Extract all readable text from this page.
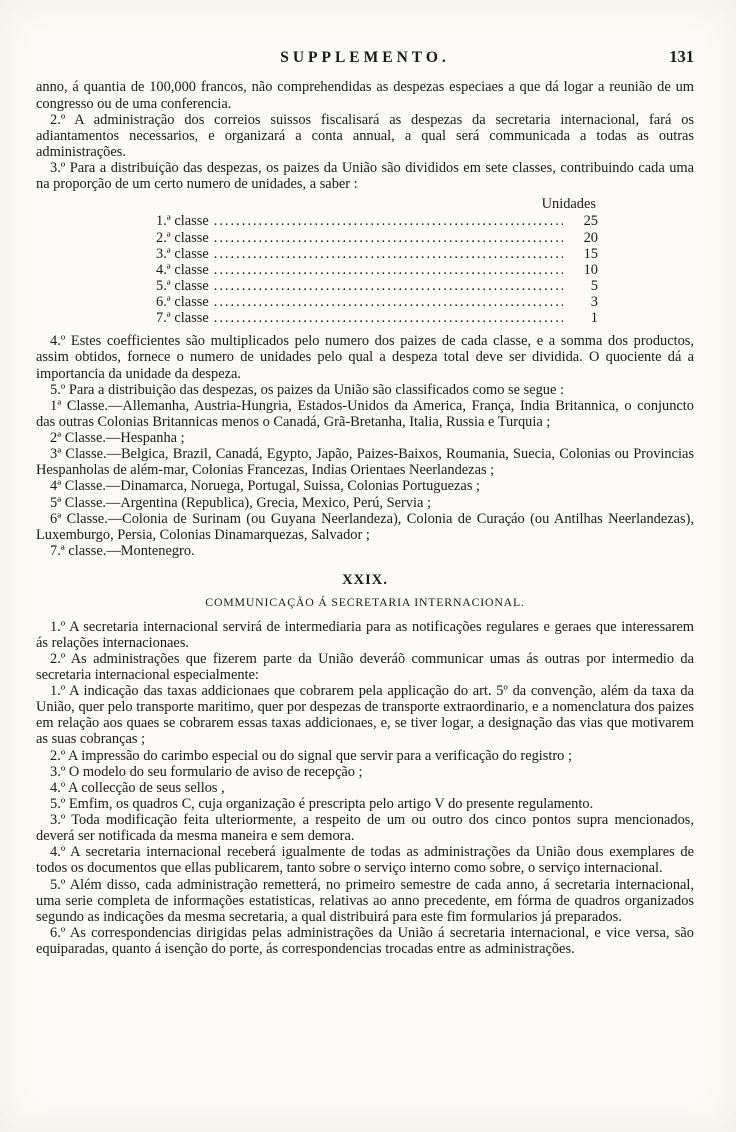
SUPPLEMENTO.	131

anno, á quantia de 100,000 francos, não comprehendidas as despezas especiaes a que dá logar a reunião de um congresso ou de uma conferencia.

2.º A administração dos correios suissos fiscalisará as despezas da secretaria internacional, fará os adiantamentos necessarios, e organizará a conta annual, a qual será communicada a todas as outras administrações.

3.º Para a distribuição das despezas, os paizes da União são divididos em sete classes, contribuindo cada uma na proporção de um certo numero de unidades, a saber :

Unidades
1.ª classe .....	25
2.ª classe .....	20
3.ª classe .....	15
4.ª classe .....	10
5.ª classe .....	5
6.ª classe .....	3
7.ª classe .....	1

4.º Estes coefficientes são multiplicados pelo numero dos paizes de cada classe, e a somma dos productos, assim obtidos, fornece o numero de unidades pelo qual a despeza total deve ser dividida. O quociente dá a importancia da unidade da despeza.

5.º Para a distribuição das despezas, os paizes da União são classificados como se segue :

1ª Classe.—Allemanha, Austria-Hungria, Estados-Unidos da America, França, India Britannica, o conjuncto das outras Colonias Britannicas menos o Canadá, Grã-Bretanha, Italia, Russia e Turquia ;

2ª Classe.—Hespanha ;

3ª Classe.—Belgica, Brazil, Canadá, Egypto, Japão, Paizes-Baixos, Roumania, Suecia, Colonias ou Provincias Hespanholas de além-mar, Colonias Francezas, Indias Orientaes Neerlandezas ;

4ª Classe.—Dinamarca, Noruega, Portugal, Suissa, Colonias Portuguezas ;

5ª Classe.—Argentina (Republica), Grecia, Mexico, Perú, Servia ;

6ª Classe.—Colonia de Surinam (ou Guyana Neerlandeza), Colonia de Curaçáo (ou Antilhas Neerlandezas), Luxemburgo, Persia, Colonias Dinamarquezas, Salvador ;

7.ª classe.—Montenegro.

XXIX.
COMMUNICAÇÃO Á SECRETARIA INTERNACIONAL.

1.º A secretaria internacional servirá de intermediaria para as notificações regulares e geraes que interessarem ás relações internacionaes.

2.º As administrações que fizerem parte da União deveráõ communicar umas ás outras por intermedio da secretaria internacional especialmente:

1.º A indicação das taxas addicionaes que cobrarem pela applicação do art. 5º da convenção, além da taxa da União, quer pelo transporte maritimo, quer por despezas de transporte extraordinario, e a nomenclatura dos paizes em relação aos quaes se cobrarem essas taxas addicionaes, e, se tiver logar, a designação das vias que motivarem as suas cobranças ;

2.º A impressão do carimbo especial ou do signal que servir para a verificação do registro ;

3.º O modelo do seu formulario de aviso de recepção ;

4.º A collecção de seus sellos ,

5.º Emfim, os quadros C, cuja organização é prescripta pelo artigo V do presente regulamento.

3.º Toda modificação feita ulteriormente, a respeito de um ou outro dos cinco pontos supra mencionados, deverá ser notificada da mesma maneira e sem demora.

4.º A secretaria internacional receberá igualmente de todas as administrações da União dous exemplares de todos os documentos que ellas publicarem, tanto sobre o serviço interno como sobre, o serviço internacional.

5.º Além disso, cada administração remetterá, no primeiro semestre de cada anno, á secretaria internacional, uma serie completa de informações estatisticas, relativas ao anno precedente, em fórma de quadros organizados segundo as indicações da mesma secretaria, a qual distribuirá para este fim formularios já preparados.

6.º As correspondencias dirigidas pelas administrações da União á secretaria internacional, e vice versa, são equiparadas, quanto á isenção do porte, ás correspondencias trocadas entre as administrações.
